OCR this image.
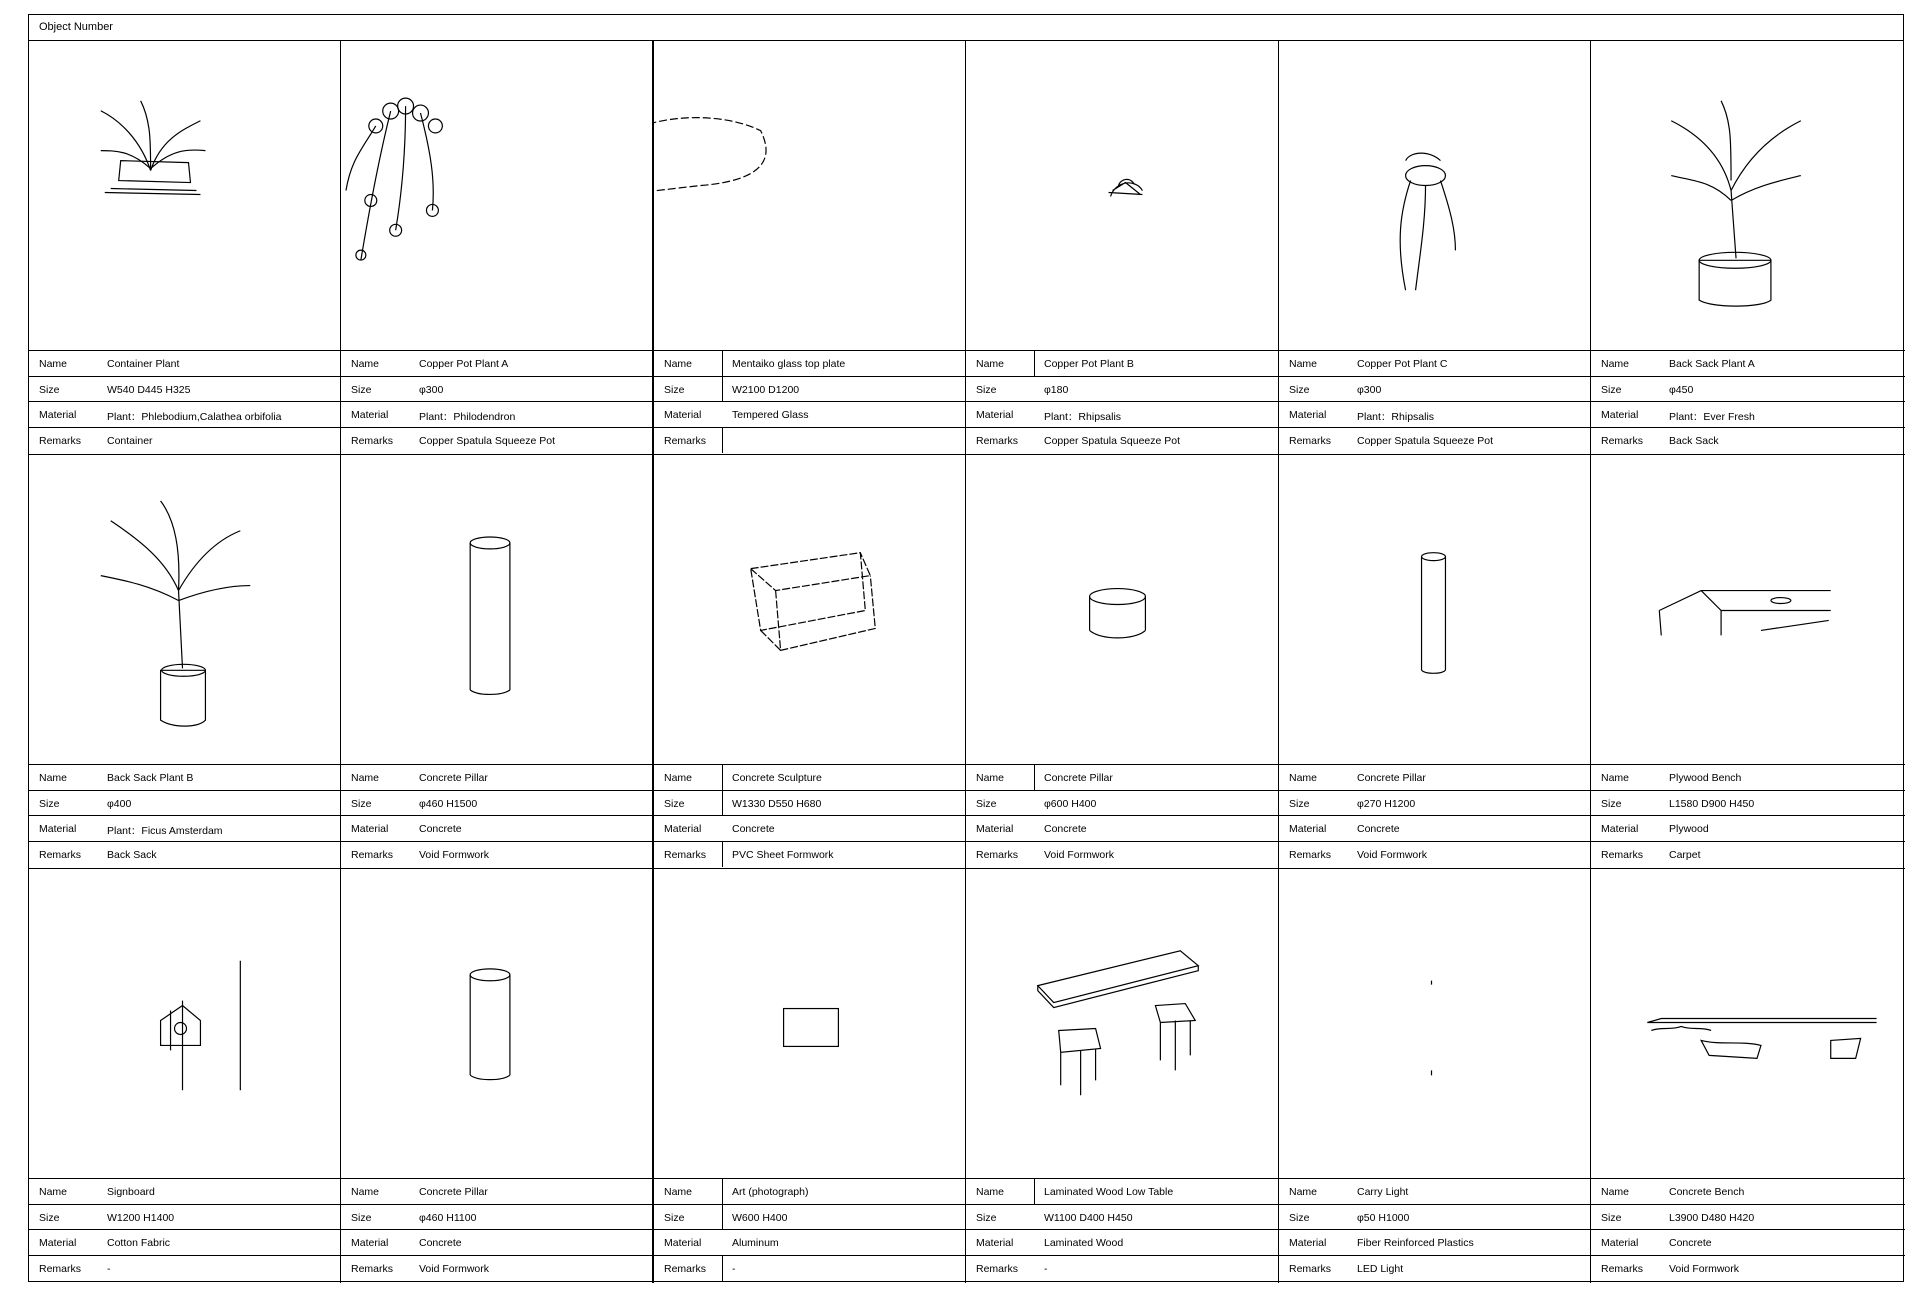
Object Number
Name	Container Plant
Size	W540 D445 H325
Material	Plant：Phlebodium,Calathea orbifolia
Remarks Container
Name	Copper Pot Plant A
Size	φ300
Material	Plant：Philodendron
Remarks Copper Spatula Squeeze Pot
Name	Mentaiko glass top plate
Size	W2100 D1200
Material	Tempered Glass
Remarks
Name	Copper Pot Plant B
Size	φ180
Material	Plant：Rhipsalis
Remarks Copper Spatula Squeeze Pot
Name	Copper Pot Plant C
Size	φ300
Material	Plant：Rhipsalis
Remarks Copper Spatula Squeeze Pot
Name	Back Sack Plant A
Size	φ450
Material	Plant：Ever Fresh
Remarks Back Sack
Name	Back Sack Plant B
Size	φ400
Material	Plant：Ficus Amsterdam
Remarks Back Sack
Name	Concrete Pillar
Size	φ460 H1500
Material	Concrete
Remarks Void Formwork
Name	Concrete Sculpture
Size	W1330 D550 H680
Material	Concrete
Remarks PVC Sheet Formwork
Name	Concrete Pillar
Size	φ600 H400
Material	Concrete
Remarks Void Formwork
Name	Concrete Pillar
Size	φ270 H1200
Material	Concrete
Remarks Void Formwork
Name	Plywood Bench
Size	L1580 D900 H450
Material	Plywood
Remarks Carpet
Name	Signboard
Size	W1200 H1400
Material	Cotton Fabric
Remarks -
Name	Concrete Pillar
Size	φ460 H1100
Material	Concrete
Remarks Void Formwork
Name	Art (photograph)
Size	W600 H400
Material	Aluminum
Remarks -
Name	Laminated Wood Low Table
Size	W1100 D400 H450
Material	Laminated Wood
Remarks -
Name	Carry Light
Size	φ50 H1000
Material	Fiber Reinforced Plastics
Remarks LED Light
Name	Concrete Bench
Size	L3900 D480 H420
Material	Concrete
Remarks Void Formwork
